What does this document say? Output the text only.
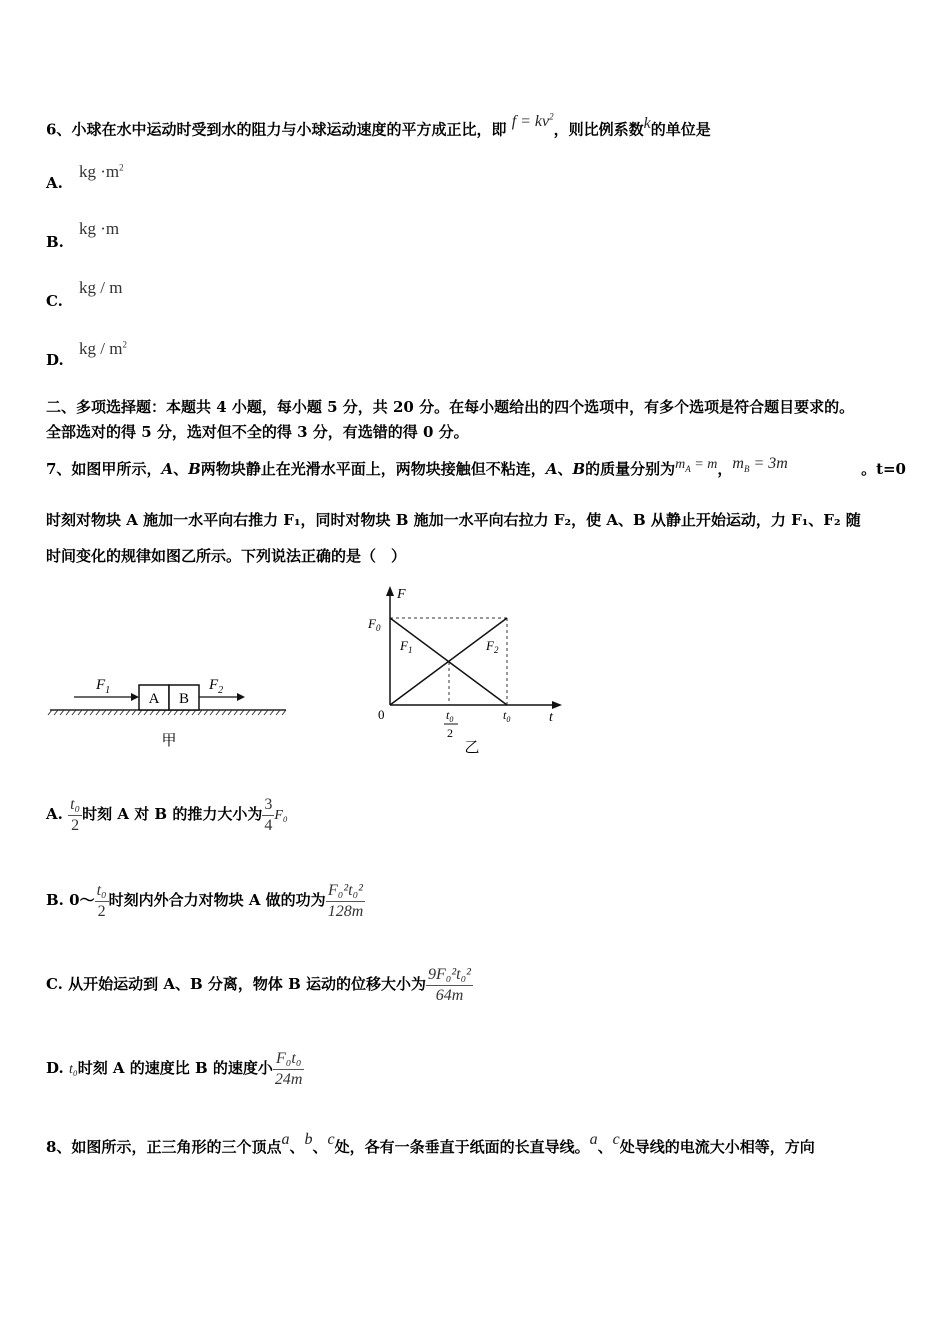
6、小球在水中运动时受到水的阻力与小球运动速度的平方成正比，即 $f = kv^2$，则比例系数k的单位是
A.
kg $\cdot m^2$
B.
kg ·m
C.
kg / m
D.
kg / $m^2$
二、多项选择题：本题共 4 小题，每小题 5 分，共 20 分。在每小题给出的四个选项中，有多个选项是符合题目要求的。
全部选对的得 5 分，选对但不全的得 3 分，有选错的得 0 分。
7、如图甲所示，A、B两物块静止在光滑水平面上，两物块接触但不粘连，A、B的质量分别为$m_A = m$，$m_B = 3m$	。t=0
时刻对物块 A 施加一水平向右推力 F₁，同时对物块 B 施加一水平向右拉力 F₂，使 A、B 从静止开始运动，力 F₁、F₂ 随
时间变化的规律如图乙所示。下列说法正确的是（　）
A B
$F_1$	$F_2$
甲
F
t
0
$F_0$
$F_1$	$F_2$
$t_0$
2
$t_0$
乙
A. $\frac{\text{t₀}}{2}$ 时刻 A 对 B 的推力大小为 $\frac{3}{4} F_0$
B. 0～ $\frac{\text{t₀}}{2}$ 时刻内外合力对物块 A 做的功为 $\frac{\text{F₀²t₀²}}{128m}$
C. 从开始运动到 A、B 分离，物体 B 运动的位移大小为 $\frac{\text{9F₀²t₀²}}{64m}$
D. t₀时刻 A 的速度比 B 的速度小 $\frac{\text{F₀t₀}}{24m}$
8、如图所示，正三角形的三个顶点a、b、c处，各有一条垂直于纸面的长直导线。a、c处导线的电流大小相等，方向
